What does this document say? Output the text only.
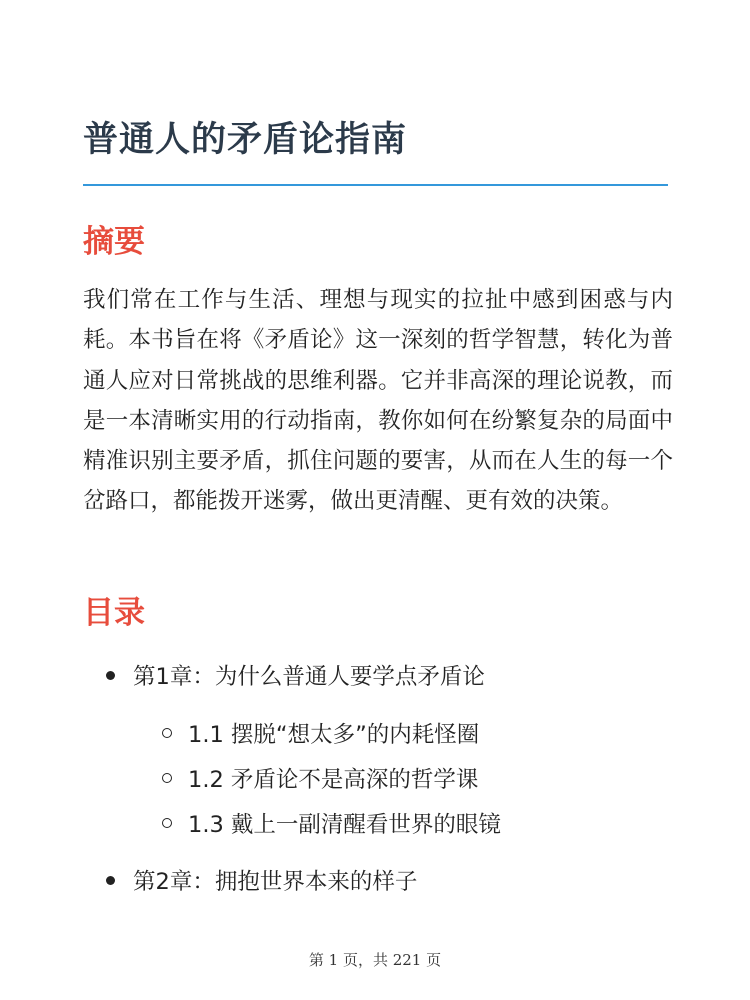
普通人的矛盾论指南
摘要

我们常在工作与生活、理想与现实的拉扯中感到困惑与内耗。本书旨在将《矛盾论》这一深刻的哲学智慧，转化为普通人应对日常挑战的思维利器。它并非高深的理论说教，而是一本清晰实用的行动指南，教你如何在纷繁复杂的局面中精准识别主要矛盾，抓住问题的要害，从而在人生的每一个岔路口，都能拨开迷雾，做出更清醒、更有效的决策。

目录
第1章：为什么普通人要学点矛盾论
1.1 摆脱“想太多”的内耗怪圈
1.2 矛盾论不是高深的哲学课
1.3 戴上一副清醒看世界的眼镜
第2章：拥抱世界本来的样子
第 1 页，共 221 页
